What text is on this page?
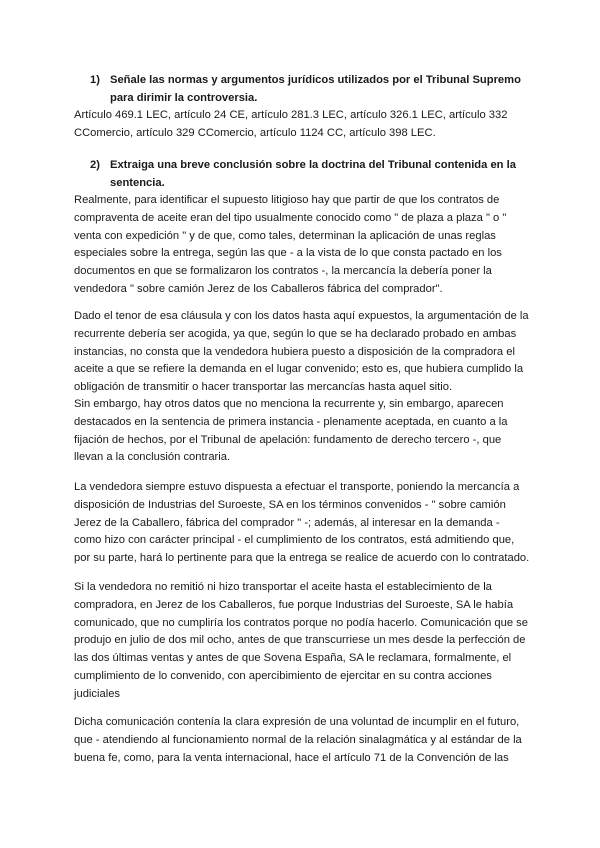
1) Señale las normas y argumentos jurídicos utilizados por el Tribunal Supremo para dirimir la controversia.
Artículo 469.1 LEC, artículo 24 CE, artículo 281.3 LEC, artículo 326.1 LEC, artículo 332 CComercio, artículo 329 CComercio, artículo 1124 CC, artículo 398 LEC.
2) Extraiga una breve conclusión sobre la doctrina del Tribunal contenida en la sentencia.
Realmente, para identificar el supuesto litigioso hay que partir de que los contratos de compraventa de aceite eran del tipo usualmente conocido como " de plaza a plaza " o " venta con expedición " y de que, como tales, determinan la aplicación de unas reglas especiales sobre la entrega, según las que - a la vista de lo que consta pactado en los documentos en que se formalizaron los contratos -, la mercancía la debería poner la vendedora " sobre camión Jerez de los Caballeros fábrica del comprador".
Dado el tenor de esa cláusula y con los datos hasta aquí expuestos, la argumentación de la recurrente debería ser acogida, ya que, según lo que se ha declarado probado en ambas instancias, no consta que la vendedora hubiera puesto a disposición de la compradora el aceite a que se refiere la demanda en el lugar convenido; esto es, que hubiera cumplido la obligación de transmitir o hacer transportar las mercancías hasta aquel sitio.
Sin embargo, hay otros datos que no menciona la recurrente y, sin embargo, aparecen destacados en la sentencia de primera instancia - plenamente aceptada, en cuanto a la fijación de hechos, por el Tribunal de apelación: fundamento de derecho tercero -, que llevan a la conclusión contraria.
La vendedora siempre estuvo dispuesta a efectuar el transporte, poniendo la mercancía a disposición de Industrias del Suroeste, SA en los términos convenidos - " sobre camión Jerez de la Caballero, fábrica del comprador " -; además, al interesar en la demanda - como hizo con carácter principal - el cumplimiento de los contratos, está admitiendo que, por su parte, hará lo pertinente para que la entrega se realice de acuerdo con lo contratado.
Si la vendedora no remitió ni hizo transportar el aceite hasta el establecimiento de la compradora, en Jerez de los Caballeros, fue porque Industrias del Suroeste, SA le había comunicado, que no cumpliría los contratos porque no podía hacerlo. Comunicación que se produjo en julio de dos mil ocho, antes de que transcurriese un mes desde la perfección de las dos últimas ventas y antes de que Sovena España, SA le reclamara, formalmente, el cumplimiento de lo convenido, con apercibimiento de ejercitar en su contra acciones judiciales
Dicha comunicación contenía la clara expresión de una voluntad de incumplir en el futuro, que - atendiendo al funcionamiento normal de la relación sinalagmática y al estándar de la buena fe, como, para la venta internacional, hace el artículo 71 de la Convención de las
